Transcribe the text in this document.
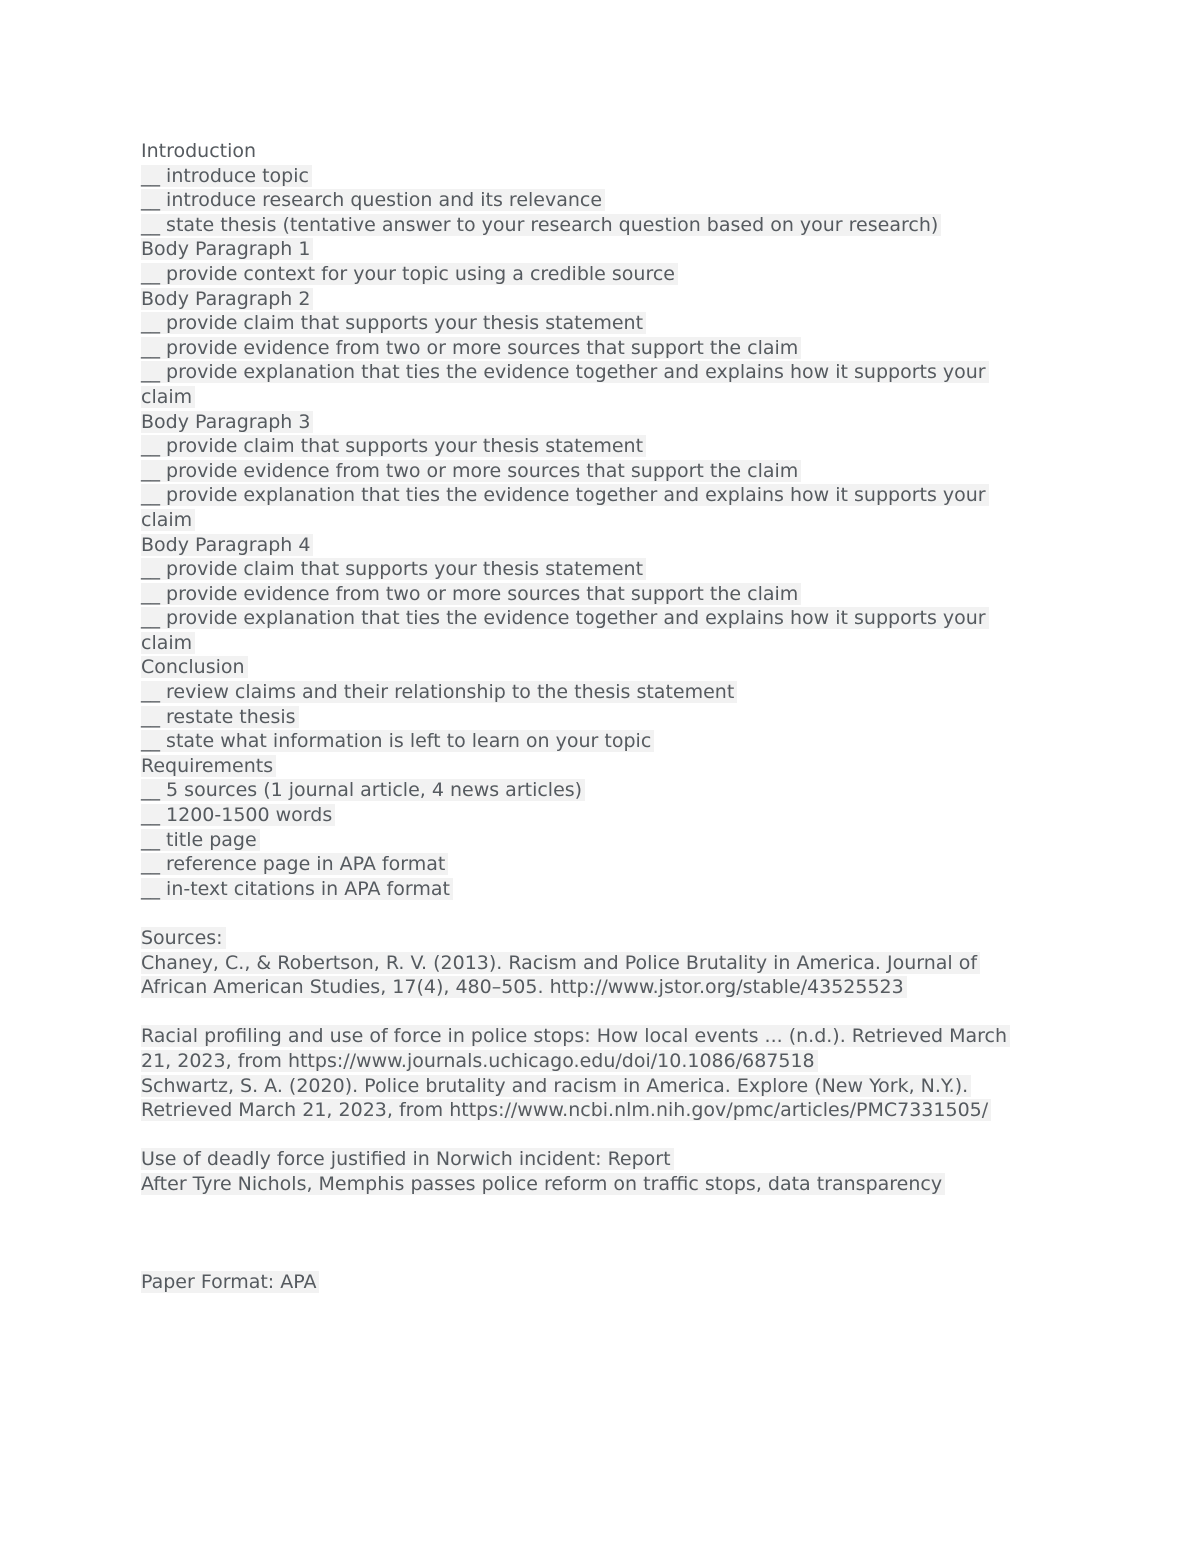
Introduction
__ introduce topic
__ introduce research question and its relevance
__ state thesis (tentative answer to your research question based on your research)
Body Paragraph 1
__ provide context for your topic using a credible source
Body Paragraph 2
__ provide claim that supports your thesis statement
__ provide evidence from two or more sources that support the claim
__ provide explanation that ties the evidence together and explains how it supports your
claim
Body Paragraph 3
__ provide claim that supports your thesis statement
__ provide evidence from two or more sources that support the claim
__ provide explanation that ties the evidence together and explains how it supports your
claim
Body Paragraph 4
__ provide claim that supports your thesis statement
__ provide evidence from two or more sources that support the claim
__ provide explanation that ties the evidence together and explains how it supports your
claim
Conclusion
__ review claims and their relationship to the thesis statement
__ restate thesis
__ state what information is left to learn on your topic
Requirements
__ 5 sources (1 journal article, 4 news articles)
__ 1200-1500 words
__ title page
__ reference page in APA format
__ in-text citations in APA format
Sources:
Chaney, C., & Robertson, R. V. (2013). Racism and Police Brutality in America. Journal of
African American Studies, 17(4), 480–505. http://www.jstor.org/stable/43525523
Racial profiling and use of force in police stops: How local events ... (n.d.). Retrieved March
21, 2023, from https://www.journals.uchicago.edu/doi/10.1086/687518
Schwartz, S. A. (2020). Police brutality and racism in America. Explore (New York, N.Y.).
Retrieved March 21, 2023, from https://www.ncbi.nlm.nih.gov/pmc/articles/PMC7331505/
Use of deadly force justified in Norwich incident: Report
After Tyre Nichols, Memphis passes police reform on traffic stops, data transparency
Paper Format: APA
